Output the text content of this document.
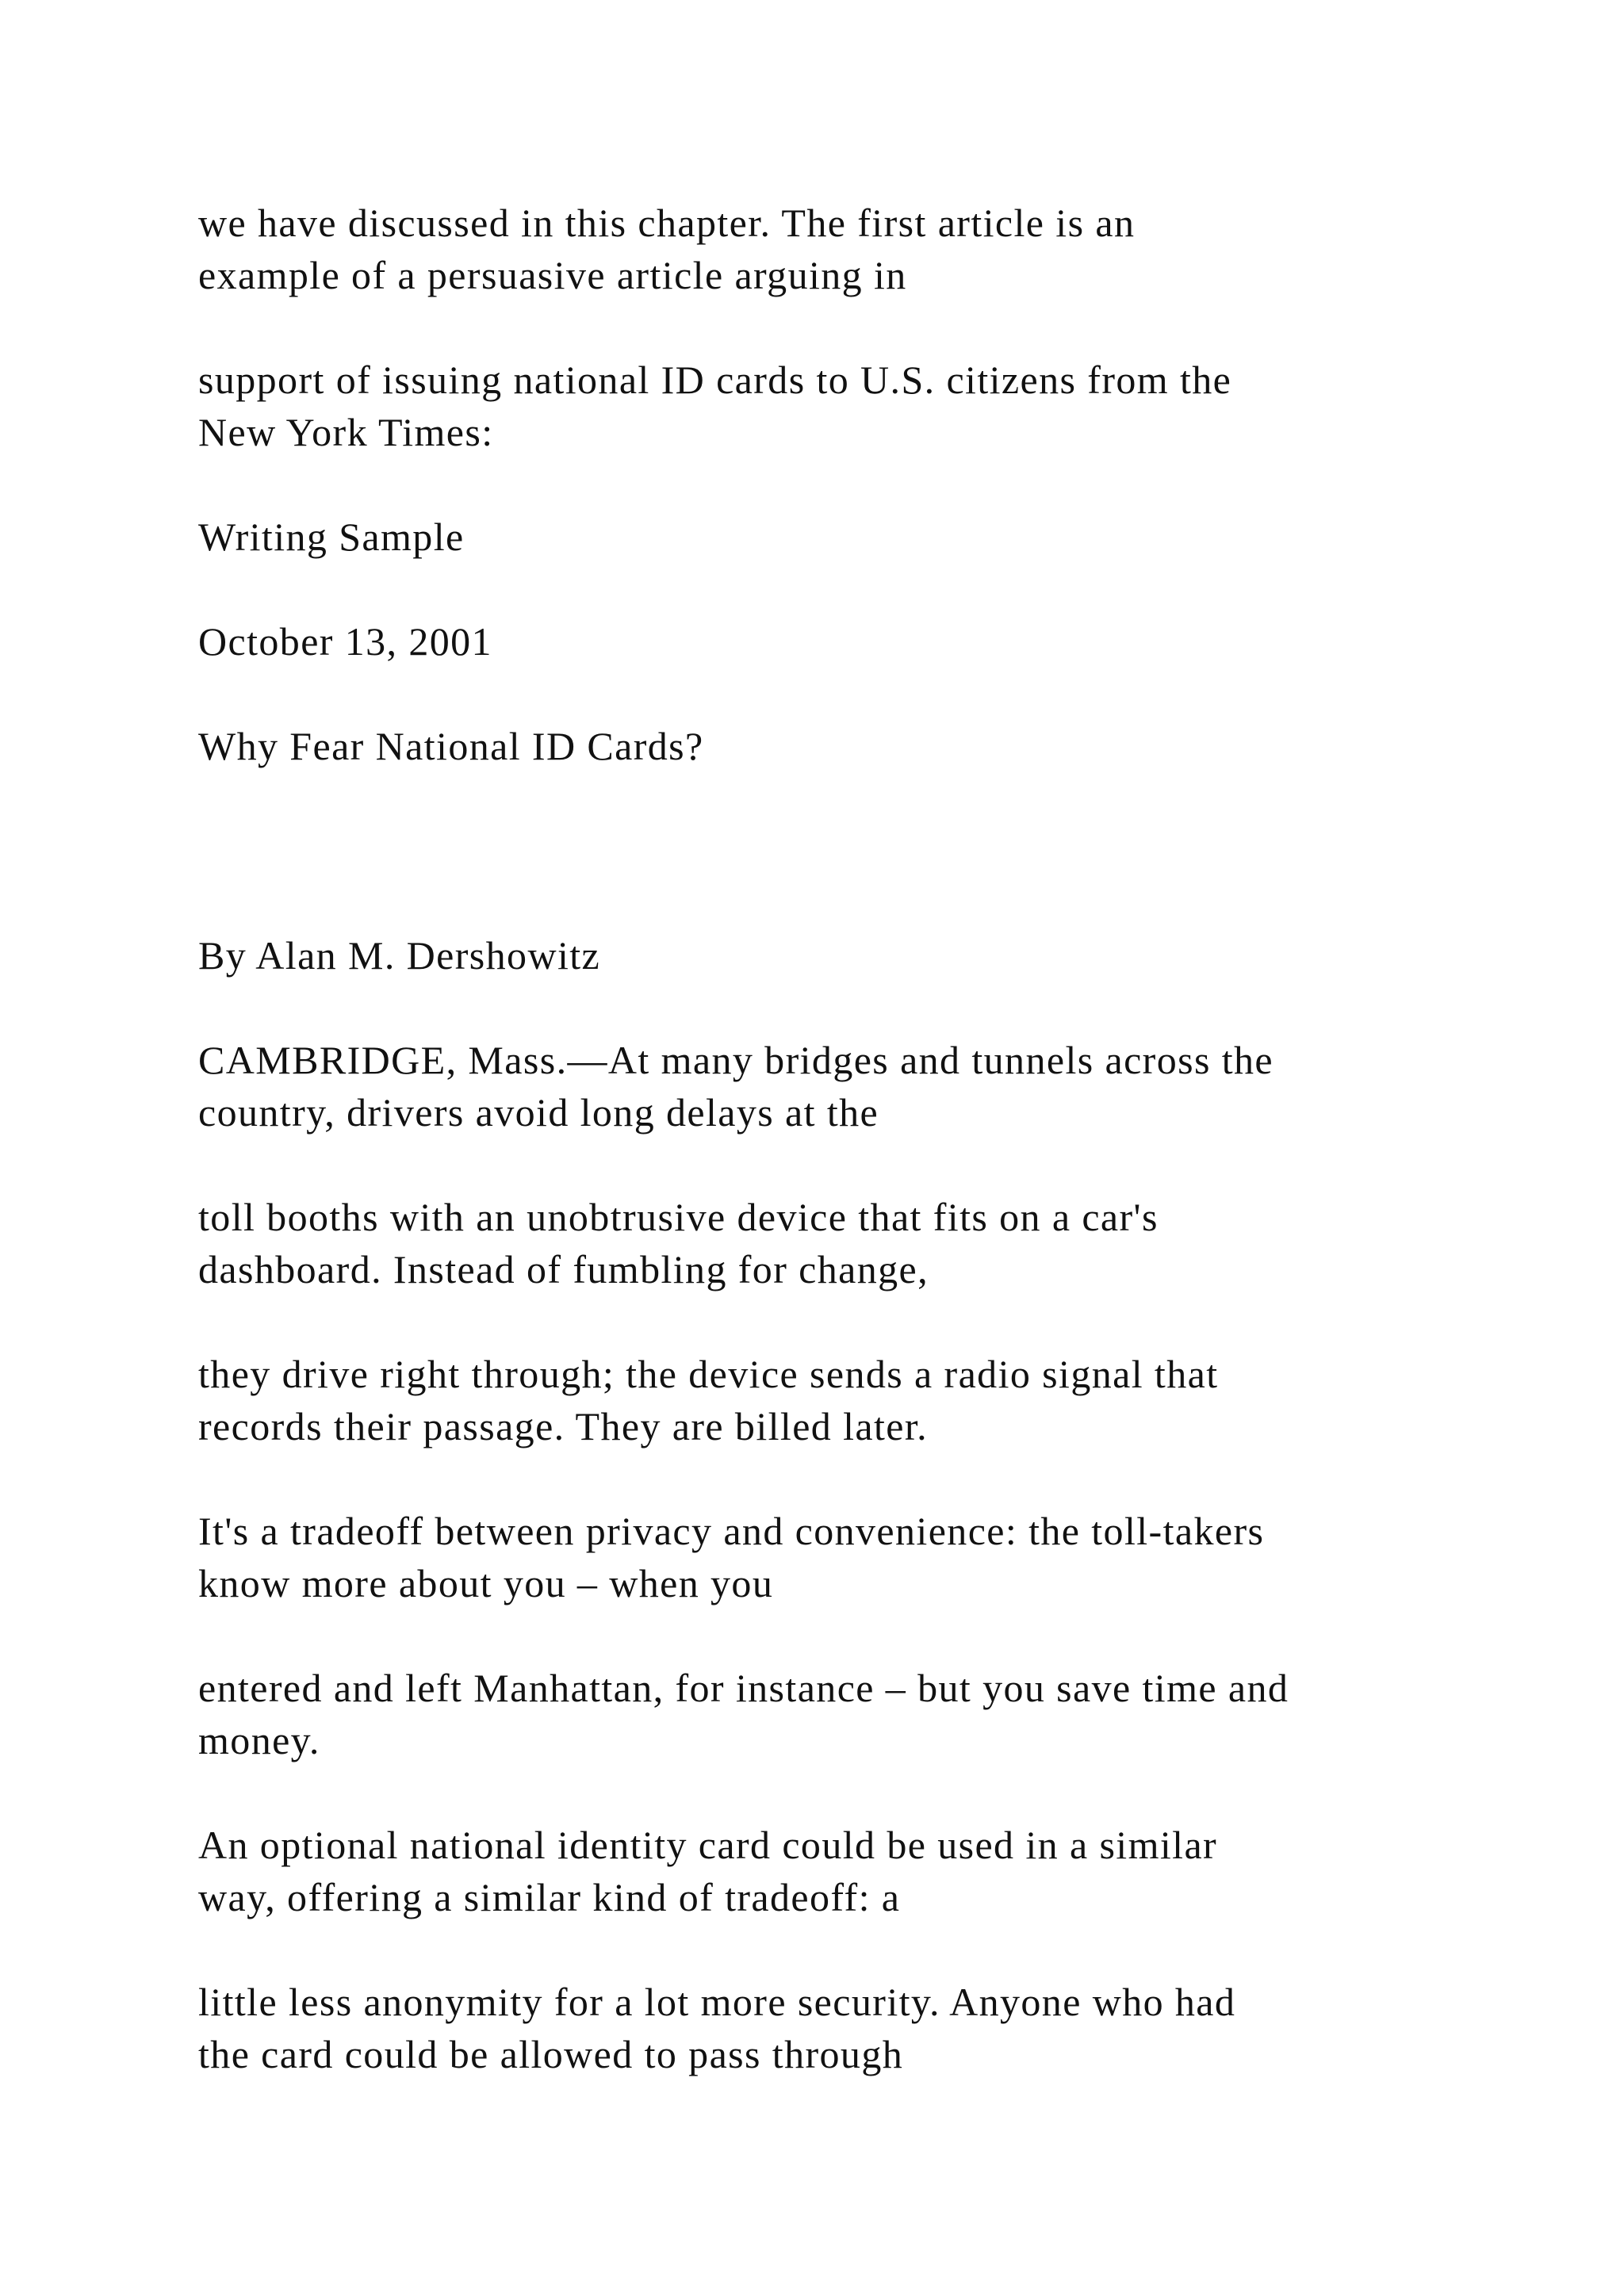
we have discussed in this chapter. The first article is an
example of a persuasive article arguing in
support of issuing national ID cards to U.S. citizens from the
New York Times:
Writing Sample
October 13, 2001
Why Fear National ID Cards?
By Alan M. Dershowitz
CAMBRIDGE, Mass.—At many bridges and tunnels across the
country, drivers avoid long delays at the
toll booths with an unobtrusive device that fits on a car's
dashboard. Instead of fumbling for change,
they drive right through; the device sends a radio signal that
records their passage. They are billed later.
It's a tradeoff between privacy and convenience: the toll-takers
know more about you – when you
entered and left Manhattan, for instance – but you save time and
money.
An optional national identity card could be used in a similar
way, offering a similar kind of tradeoff: a
little less anonymity for a lot more security. Anyone who had
the card could be allowed to pass through
